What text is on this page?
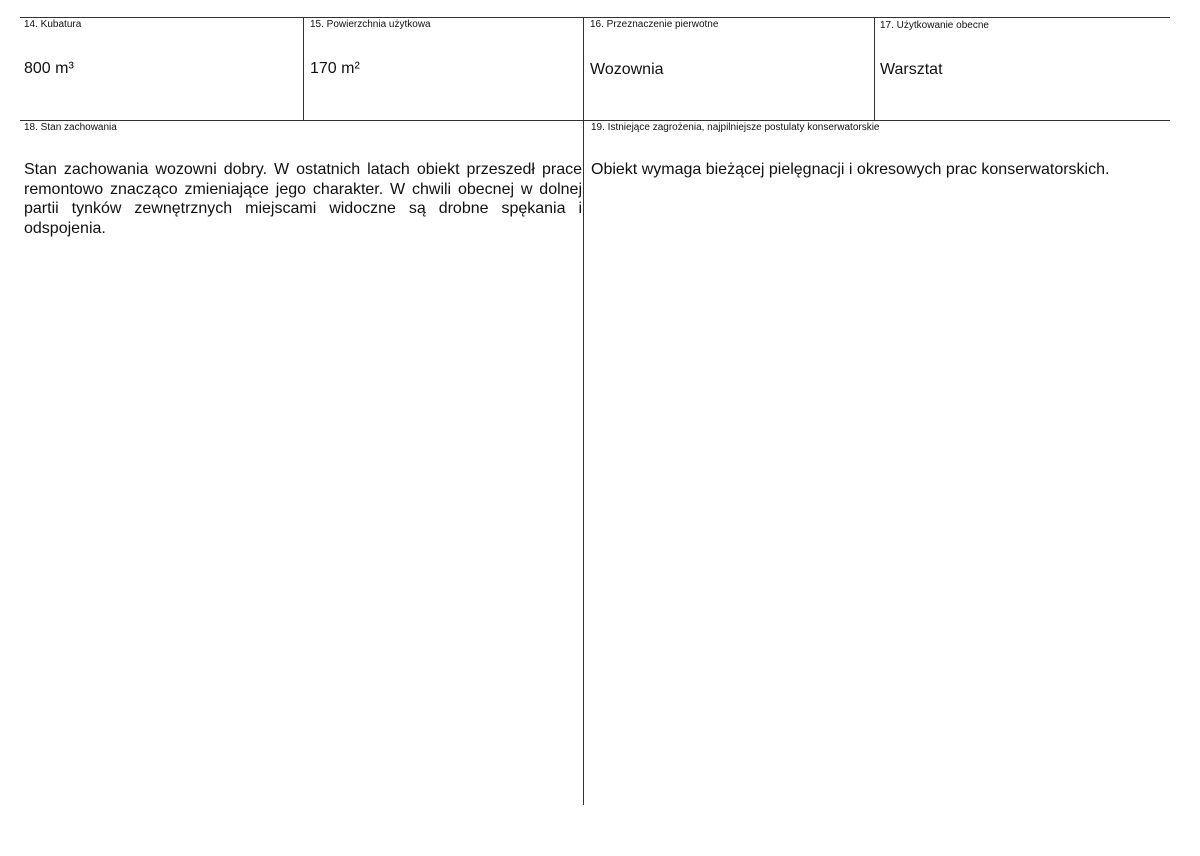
14. Kubatura
800 m³
15. Powierzchnia użytkowa
170 m²
16. Przeznaczenie pierwotne
Wozownia
17. Użytkowanie obecne
Warsztat
18. Stan zachowania
Stan zachowania wozowni dobry. W ostatnich latach obiekt przeszedł prace remontowo znacząco zmieniające jego charakter. W chwili obecnej w dolnej partii tynków zewnętrznych miejscami widoczne są drobne spękania i odspojenia.
19. Istniejące zagrożenia, najpilniejsze postulaty konserwatorskie
Obiekt wymaga bieżącej pielęgnacji i okresowych prac konserwatorskich.
